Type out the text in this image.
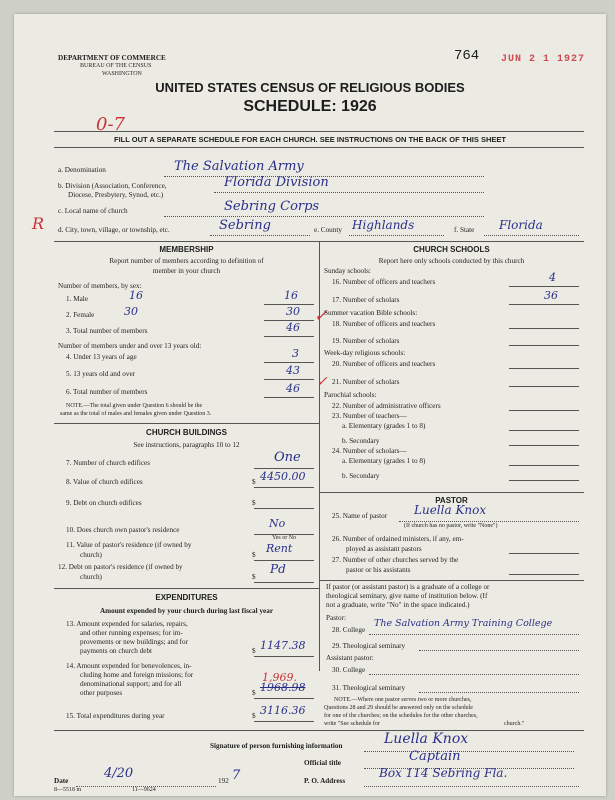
DEPARTMENT OF COMMERCE
BUREAU OF THE CENSUS
WASHINGTON
764 JUN 2 1 1927
UNITED STATES CENSUS OF RELIGIOUS BODIES
SCHEDULE: 1926
0-7
FILL OUT A SEPARATE SCHEDULE FOR EACH CHURCH. SEE INSTRUCTIONS ON THE BACK OF THIS SHEET
a. Denomination	The Salvation Army
b. Division (Association, Conference,
Diocese, Presbytery, Synod, etc.)
Florida Division
c. Local name of church	Sebring Corps
R d. City, town, village, or township, etc.	Sebring	e. County Highlands	f. State Florida
MEMBERSHIP
Report number of members according to definition of
member in your church
Number of members, by sex:
1. Male	16	16
2. Female	30	30
3. Total number of members	46
Number of members under and over 13 years old:
4. Under 13 years of age	3
5. 13 years old and over	43
6. Total number of members	46
✓
✓
NOTE.—The total given under Question 6 should be the
same as the total of males and females given under Question 3.
CHURCH BUILDINGS
See instructions, paragraphs 10 to 12
7. Number of church edifices	One
8. Value of church edifices	$ 4450.00
9. Debt on church edifices	$
10. Does church own pastor's residence	No
Yes or No
11. Value of pastor's residence (if owned by
church)	$ Rent
12. Debt on pastor's residence (if owned by
church)	$
Pd
EXPENDITURES
Amount expended by your church during last fiscal year
13. Amount expended for salaries, repairs,
and other running expenses; for im-
provements or new buildings; and for
payments on church debt	$ 1147.38
14. Amount expended for benevolences, in-
cluding home and foreign missions; for
denominational support; and for all
other purposes
1,969.
$ 1968.98
15. Total expenditures during year	$ 3116.36
CHURCH SCHOOLS
Report here only schools conducted by this church
Sunday schools:
16. Number of officers and teachers	4
17. Number of scholars	36
Summer vacation Bible schools:
18. Number of officers and teachers
19. Number of scholars
Week-day religious schools:
20. Number of officers and teachers
21. Number of scholars
Parochial schools:
22. Number of administrative officers
23. Number of teachers—
a. Elementary (grades 1 to 8)
b. Secondary
24. Number of scholars—
a. Elementary (grades 1 to 8)
b. Secondary
PASTOR
25. Name of pastor Luella Knox
(If church has no pastor, write "None")
26. Number of ordained ministers, if any, em-
ployed as assistant pastors
27. Number of other churches served by the
pastor or his assistants
If pastor (or assistant pastor) is a graduate of a college or
theological seminary, give name of institution below. (If
not a graduate, write "No" in the space indicated.)
Pastor:
28. College
The Salvation Army Training College
29. Theological seminary
Assistant pastor:
30. College
31. Theological seminary
NOTE.—Where one pastor serves two or more churches,
Questions 28 and 29 should be answered only on the schedule
for one of the churches; on the schedules for the other churches,
write "See schedule for	church."
Signature of person furnishing information	Luella Knox
Official title	Captain
Date	4/20	192 7	P. O. Address
Box 114 Sebring Fla.
8—5518 m	11—9624
